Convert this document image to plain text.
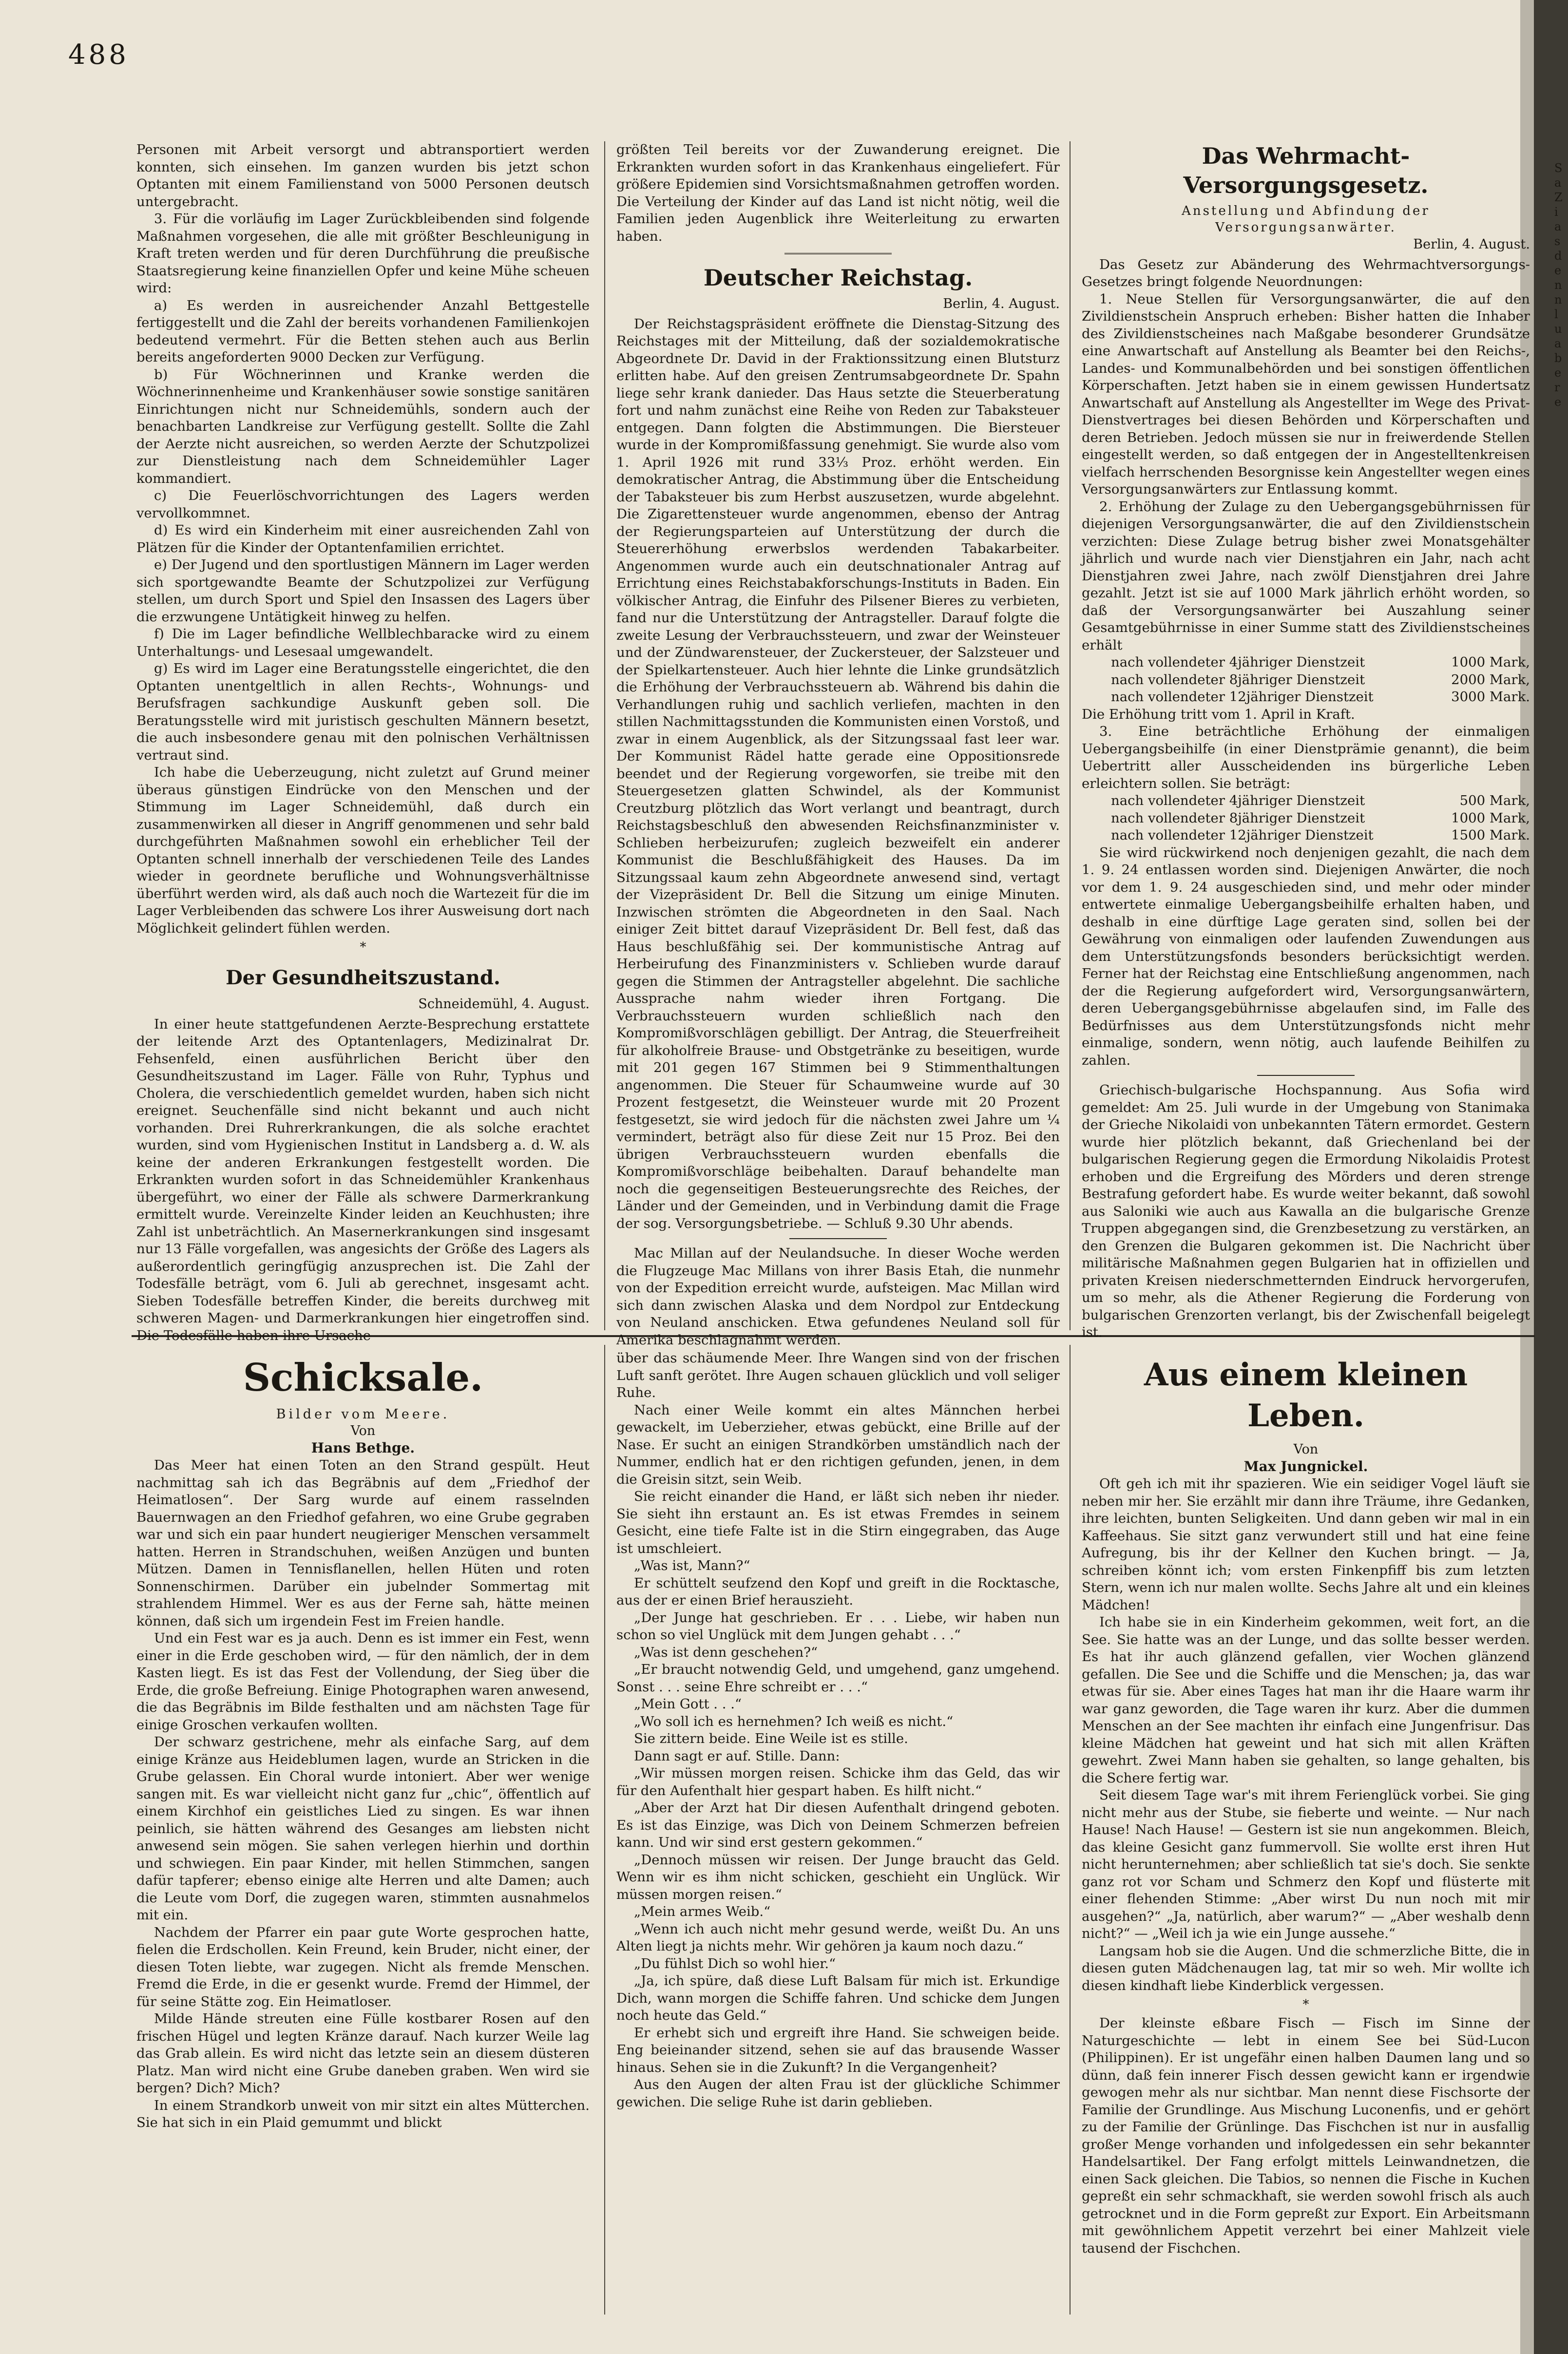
488

Personen mit Arbeit versorgt und abtransportiert werden konnten, sich einsehen. Im ganzen wurden bis jetzt schon Optanten mit einem Familienstand von 5000 Personen deutsch untergebracht.

3. Für die vorläufig im Lager Zurückbleibenden sind folgende Maßnahmen vorgesehen, die alle mit größter Beschleunigung in Kraft treten werden und für deren Durchführung die preußische Staatsregierung keine finanziellen Opfer und keine Mühe scheuen wird:

a) Es werden in ausreichender Anzahl Bettgestelle fertiggestellt und die Zahl der bereits vorhandenen Familienkojen bedeutend vermehrt. Für die Betten stehen auch aus Berlin bereits angeforderten 9000 Decken zur Verfügung.

b) Für Wöchnerinnen und Kranke werden die Wöchnerinnenheime und Krankenhäuser sowie sonstige sanitären Einrichtungen nicht nur Schneidemühls, sondern auch der benachbarten Landkreise zur Verfügung gestellt. Sollte die Zahl der Aerzte nicht ausreichen, so werden Aerzte der Schutzpolizei zur Dienstleistung nach dem Schneidemühler Lager kommandiert.

c) Die Feuerlöschvorrichtungen des Lagers werden vervollkommnet.

d) Es wird ein Kinderheim mit einer ausreichenden Zahl von Plätzen für die Kinder der Optantenfamilien errichtet.

e) Der Jugend und den sportlustigen Männern im Lager werden sich sportgewandte Beamte der Schutzpolizei zur Verfügung stellen, um durch Sport und Spiel den Insassen des Lagers über die erzwungene Untätigkeit hinweg zu helfen.

f) Die im Lager befindliche Wellblechbaracke wird zu einem Unterhaltungs- und Lesesaal umgewandelt.

g) Es wird im Lager eine Beratungsstelle eingerichtet, die den Optanten unentgeltlich in allen Rechts-, Wohnungs- und Berufsfragen sachkundige Auskunft geben soll. Die Beratungsstelle wird mit juristisch geschulten Männern besetzt, die auch insbesondere genau mit den polnischen Verhältnissen vertraut sind.

Ich habe die Ueberzeugung, nicht zuletzt auf Grund meiner überaus günstigen Eindrücke von den Menschen und der Stimmung im Lager Schneidemühl, daß durch ein zusammenwirken all dieser in Angriff genommenen und sehr bald durchgeführten Maßnahmen sowohl ein erheblicher Teil der Optanten schnell innerhalb der verschiedenen Teile des Landes wieder in geordnete berufliche und Wohnungsverhältnisse überführt werden wird, als daß auch noch die Wartezeit für die im Lager Verbleibenden das schwere Los ihrer Ausweisung dort nach Möglichkeit gelindert fühlen werden.

*
Der Gesundheitszustand.
Schneidemühl, 4. August.

In einer heute stattgefundenen Aerzte-Besprechung erstattete der leitende Arzt des Optantenlagers, Medizinalrat Dr. Fehsenfeld, einen ausführlichen Bericht über den Gesundheitszustand im Lager. Fälle von Ruhr, Typhus und Cholera, die verschiedentlich gemeldet wurden, haben sich nicht ereignet. Seuchenfälle sind nicht bekannt und auch nicht vorhanden. Drei Ruhrerkrankungen, die als solche erachtet wurden, sind vom Hygienischen Institut in Landsberg a. d. W. als keine der anderen Erkrankungen festgestellt worden. Die Erkrankten wurden sofort in das Schneidemühler Krankenhaus übergeführt, wo einer der Fälle als schwere Darmerkrankung ermittelt wurde. Vereinzelte Kinder leiden an Keuchhusten; ihre Zahl ist unbeträchtlich. An Masernerkrankungen sind insgesamt nur 13 Fälle vorgefallen, was angesichts der Größe des Lagers als außerordentlich geringfügig anzusprechen ist. Die Zahl der Todesfälle beträgt, vom 6. Juli ab gerechnet, insgesamt acht. Sieben Todesfälle betreffen Kinder, die bereits durchweg mit schweren Magen- und Darmerkrankungen hier eingetroffen sind. Die Todesfälle haben ihre Ursache

größten Teil bereits vor der Zuwanderung ereignet. Die Erkrankten wurden sofort in das Krankenhaus eingeliefert. Für größere Epidemien sind Vorsichtsmaßnahmen getroffen worden. Die Verteilung der Kinder auf das Land ist nicht nötig, weil die Familien jeden Augenblick ihre Weiterleitung zu erwarten haben.

Deutscher Reichstag.
Berlin, 4. August.

Der Reichstagspräsident eröffnete die Dienstag-Sitzung des Reichstages mit der Mitteilung, daß der sozialdemokratische Abgeordnete Dr. David in der Fraktionssitzung einen Blutsturz erlitten habe. Auf den greisen Zentrumsabgeordnete Dr. Spahn liege sehr krank danieder. Das Haus setzte die Steuerberatung fort und nahm zunächst eine Reihe von Reden zur Tabaksteuer entgegen. Dann folgten die Abstimmungen. Die Biersteuer wurde in der Kompromißfassung genehmigt. Sie wurde also vom 1. April 1926 mit rund 33⅓ Proz. erhöht werden. Ein demokratischer Antrag, die Abstimmung über die Entscheidung der Tabaksteuer bis zum Herbst auszusetzen, wurde abgelehnt. Die Zigarettensteuer wurde angenommen, ebenso der Antrag der Regierungsparteien auf Unterstützung der durch die Steuererhöhung erwerbslos werdenden Tabakarbeiter. Angenommen wurde auch ein deutschnationaler Antrag auf Errichtung eines Reichstabakforschungs-Instituts in Baden. Ein völkischer Antrag, die Einfuhr des Pilsener Bieres zu verbieten, fand nur die Unterstützung der Antragsteller. Darauf folgte die zweite Lesung der Verbrauchssteuern, und zwar der Weinsteuer und der Zündwarensteuer, der Zuckersteuer, der Salzsteuer und der Spielkartensteuer. Auch hier lehnte die Linke grundsätzlich die Erhöhung der Verbrauchssteuern ab. Während bis dahin die Verhandlungen ruhig und sachlich verliefen, machten in den stillen Nachmittagsstunden die Kommunisten einen Vorstoß, und zwar in einem Augenblick, als der Sitzungssaal fast leer war. Der Kommunist Rädel hatte gerade eine Oppositionsrede beendet und der Regierung vorgeworfen, sie treibe mit den Steuergesetzen glatten Schwindel, als der Kommunist Creutzburg plötzlich das Wort verlangt und beantragt, durch Reichstagsbeschluß den abwesenden Reichsfinanzminister v. Schlieben herbeizurufen; zugleich bezweifelt ein anderer Kommunist die Beschlußfähigkeit des Hauses. Da im Sitzungssaal kaum zehn Abgeordnete anwesend sind, vertagt der Vizepräsident Dr. Bell die Sitzung um einige Minuten. Inzwischen strömten die Abgeordneten in den Saal. Nach einiger Zeit bittet darauf Vizepräsident Dr. Bell fest, daß das Haus beschlußfähig sei. Der kommunistische Antrag auf Herbeirufung des Finanzministers v. Schlieben wurde darauf gegen die Stimmen der Antragsteller abgelehnt. Die sachliche Aussprache nahm wieder ihren Fortgang. Die Verbrauchssteuern wurden schließlich nach den Kompromißvorschlägen gebilligt. Der Antrag, die Steuerfreiheit für alkoholfreie Brause- und Obstgetränke zu beseitigen, wurde mit 201 gegen 167 Stimmen bei 9 Stimmenthaltungen angenommen. Die Steuer für Schaumweine wurde auf 30 Prozent festgesetzt, die Weinsteuer wurde mit 20 Prozent festgesetzt, sie wird jedoch für die nächsten zwei Jahre um ¼ vermindert, beträgt also für diese Zeit nur 15 Proz. Bei den übrigen Verbrauchssteuern wurden ebenfalls die Kompromißvorschläge beibehalten. Darauf behandelte man noch die gegenseitigen Besteuerungsrechte des Reiches, der Länder und der Gemeinden, und in Verbindung damit die Frage der sog. Versorgungsbetriebe. — Schluß 9.30 Uhr abends.

Mac Millan auf der Neulandsuche. In dieser Woche werden die Flugzeuge Mac Millans von ihrer Basis Etah, die nunmehr von der Expedition erreicht wurde, aufsteigen. Mac Millan wird sich dann zwischen Alaska und dem Nordpol zur Entdeckung von Neuland anschicken. Etwa gefundenes Neuland soll für Amerika beschlagnahmt werden.

Das Wehrmacht-Versorgungsgesetz.
Anstellung und Abfindung der
Versorgungsanwärter.
Berlin, 4. August.

Das Gesetz zur Abänderung des Wehrmachtversorgungs-Gesetzes bringt folgende Neuordnungen:

1. Neue Stellen für Versorgungsanwärter, die auf den Zivildienstschein Anspruch erheben: Bisher hatten die Inhaber des Zivildienstscheines nach Maßgabe besonderer Grundsätze eine Anwartschaft auf Anstellung als Beamter bei den Reichs-, Landes- und Kommunalbehörden und bei sonstigen öffentlichen Körperschaften. Jetzt haben sie in einem gewissen Hundertsatz Anwartschaft auf Anstellung als Angestellter im Wege des Privat-Dienstvertrages bei diesen Behörden und Körperschaften und deren Betrieben. Jedoch müssen sie nur in freiwerdende Stellen eingestellt werden, so daß entgegen der in Angestelltenkreisen vielfach herrschenden Besorgnisse kein Angestellter wegen eines Versorgungsanwärters zur Entlassung kommt.

2. Erhöhung der Zulage zu den Uebergangsgebührnissen für diejenigen Versorgungsanwärter, die auf den Zivildienstschein verzichten: Diese Zulage betrug bisher zwei Monatsgehälter jährlich und wurde nach vier Dienstjahren ein Jahr, nach acht Dienstjahren zwei Jahre, nach zwölf Dienstjahren drei Jahre gezahlt. Jetzt ist sie auf 1000 Mark jährlich erhöht worden, so daß der Versorgungsanwärter bei Auszahlung seiner Gesamtgebührnisse in einer Summe statt des Zivildienstscheines erhält

nach vollendeter 4jähriger Dienstzeit	1000 Mark,
nach vollendeter 8jähriger Dienstzeit	2000 Mark,
nach vollendeter 12jähriger Dienstzeit	3000 Mark.

Die Erhöhung tritt vom 1. April in Kraft.

3. Eine beträchtliche Erhöhung der einmaligen Uebergangsbeihilfe (in einer Dienstprämie genannt), die beim Uebertritt aller Ausscheidenden ins bürgerliche Leben erleichtern sollen. Sie beträgt:

nach vollendeter 4jähriger Dienstzeit	500 Mark,
nach vollendeter 8jähriger Dienstzeit	1000 Mark,
nach vollendeter 12jähriger Dienstzeit	1500 Mark.

Sie wird rückwirkend noch denjenigen gezahlt, die nach dem 1. 9. 24 entlassen worden sind. Diejenigen Anwärter, die noch vor dem 1. 9. 24 ausgeschieden sind, und mehr oder minder entwertete einmalige Uebergangsbeihilfe erhalten haben, und deshalb in eine dürftige Lage geraten sind, sollen bei der Gewährung von einmaligen oder laufenden Zuwendungen aus dem Unterstützungsfonds besonders berücksichtigt werden. Ferner hat der Reichstag eine Entschließung angenommen, nach der die Regierung aufgefordert wird, Versorgungsanwärtern, deren Uebergangsgebührnisse abgelaufen sind, im Falle des Bedürfnisses aus dem Unterstützungsfonds nicht mehr einmalige, sondern, wenn nötig, auch laufende Beihilfen zu zahlen.

Griechisch-bulgarische Hochspannung. Aus Sofia wird gemeldet: Am 25. Juli wurde in der Umgebung von Stanimaka der Grieche Nikolaidi von unbekannten Tätern ermordet. Gestern wurde hier plötzlich bekannt, daß Griechenland bei der bulgarischen Regierung gegen die Ermordung Nikolaidis Protest erhoben und die Ergreifung des Mörders und deren strenge Bestrafung gefordert habe. Es wurde weiter bekannt, daß sowohl aus Saloniki wie auch aus Kawalla an die bulgarische Grenze Truppen abgegangen sind, die Grenzbesetzung zu verstärken, an den Grenzen die Bulgaren gekommen ist. Die Nachricht über militärische Maßnahmen gegen Bulgarien hat in offiziellen und privaten Kreisen niederschmetternden Eindruck hervorgerufen, um so mehr, als die Athener Regierung die Forderung von bulgarischen Grenzorten verlangt, bis der Zwischenfall beigelegt ist.

Schicksale.
Bilder vom Meere.
Von
Hans Bethge.

Das Meer hat einen Toten an den Strand gespült. Heut nachmittag sah ich das Begräbnis auf dem „Friedhof der Heimatlosen“. Der Sarg wurde auf einem rasselnden Bauernwagen an den Friedhof gefahren, wo eine Grube gegraben war und sich ein paar hundert neugieriger Menschen versammelt hatten. Herren in Strandschuhen, weißen Anzügen und bunten Mützen. Damen in Tennisflanellen, hellen Hüten und roten Sonnenschirmen. Darüber ein jubelnder Sommertag mit strahlendem Himmel. Wer es aus der Ferne sah, hätte meinen können, daß sich um irgendein Fest im Freien handle.

Und ein Fest war es ja auch. Denn es ist immer ein Fest, wenn einer in die Erde geschoben wird, — für den nämlich, der in dem Kasten liegt. Es ist das Fest der Vollendung, der Sieg über die Erde, die große Befreiung. Einige Photographen waren anwesend, die das Begräbnis im Bilde festhalten und am nächsten Tage für einige Groschen verkaufen wollten.

Der schwarz gestrichene, mehr als einfache Sarg, auf dem einige Kränze aus Heideblumen lagen, wurde an Stricken in die Grube gelassen. Ein Choral wurde intoniert. Aber wer wenige sangen mit. Es war vielleicht nicht ganz fur „chic“, öffentlich auf einem Kirchhof ein geistliches Lied zu singen. Es war ihnen peinlich, sie hätten während des Gesanges am liebsten nicht anwesend sein mögen. Sie sahen verlegen hierhin und dorthin und schwiegen. Ein paar Kinder, mit hellen Stimmchen, sangen dafür tapferer; ebenso einige alte Herren und alte Damen; auch die Leute vom Dorf, die zugegen waren, stimmten ausnahmelos mit ein.

Nachdem der Pfarrer ein paar gute Worte gesprochen hatte, fielen die Erdschollen. Kein Freund, kein Bruder, nicht einer, der diesen Toten liebte, war zugegen. Nicht als fremde Menschen. Fremd die Erde, in die er gesenkt wurde. Fremd der Himmel, der für seine Stätte zog. Ein Heimatloser.

Milde Hände streuten eine Fülle kostbarer Rosen auf den frischen Hügel und legten Kränze darauf. Nach kurzer Weile lag das Grab allein. Es wird nicht das letzte sein an diesem düsteren Platz. Man wird nicht eine Grube daneben graben. Wen wird sie bergen? Dich? Mich?

In einem Strandkorb unweit von mir sitzt ein altes Mütterchen. Sie hat sich in ein Plaid gemummt und blickt

über das schäumende Meer. Ihre Wangen sind von der frischen Luft sanft gerötet. Ihre Augen schauen glücklich und voll seliger Ruhe.

Nach einer Weile kommt ein altes Männchen herbei gewackelt, im Ueberzieher, etwas gebückt, eine Brille auf der Nase. Er sucht an einigen Strandkörben umständlich nach der Nummer, endlich hat er den richtigen gefunden, jenen, in dem die Greisin sitzt, sein Weib.

Sie reicht einander die Hand, er läßt sich neben ihr nieder. Sie sieht ihn erstaunt an. Es ist etwas Fremdes in seinem Gesicht, eine tiefe Falte ist in die Stirn eingegraben, das Auge ist umschleiert.

„Was ist, Mann?“

Er schüttelt seufzend den Kopf und greift in die Rocktasche, aus der er einen Brief herauszieht.

„Der Junge hat geschrieben. Er . . . Liebe, wir haben nun schon so viel Unglück mit dem Jungen gehabt . . .“

„Was ist denn geschehen?“

„Er braucht notwendig Geld, und umgehend, ganz umgehend. Sonst . . . seine Ehre schreibt er . . .“

„Mein Gott . . .“

„Wo soll ich es hernehmen? Ich weiß es nicht.“

Sie zittern beide. Eine Weile ist es stille.

Dann sagt er auf. Stille. Dann:

„Wir müssen morgen reisen. Schicke ihm das Geld, das wir für den Aufenthalt hier gespart haben. Es hilft nicht.“

„Aber der Arzt hat Dir diesen Aufenthalt dringend geboten. Es ist das Einzige, was Dich von Deinem Schmerzen befreien kann. Und wir sind erst gestern gekommen.“

„Dennoch müssen wir reisen. Der Junge braucht das Geld. Wenn wir es ihm nicht schicken, geschieht ein Unglück. Wir müssen morgen reisen.“

„Mein armes Weib.“

„Wenn ich auch nicht mehr gesund werde, weißt Du. An uns Alten liegt ja nichts mehr. Wir gehören ja kaum noch dazu.“

„Du fühlst Dich so wohl hier.“

„Ja, ich spüre, daß diese Luft Balsam für mich ist. Erkundige Dich, wann morgen die Schiffe fahren. Und schicke dem Jungen noch heute das Geld.“

Er erhebt sich und ergreift ihre Hand. Sie schweigen beide. Eng beieinander sitzend, sehen sie auf das brausende Wasser hinaus. Sehen sie in die Zukunft? In die Vergangenheit?

Aus den Augen der alten Frau ist der glückliche Schimmer gewichen. Die selige Ruhe ist darin geblieben.

Aus einem kleinen Leben.
Von
Max Jungnickel.

Oft geh ich mit ihr spazieren. Wie ein seidiger Vogel läuft sie neben mir her. Sie erzählt mir dann ihre Träume, ihre Gedanken, ihre leichten, bunten Seligkeiten. Und dann geben wir mal in ein Kaffeehaus. Sie sitzt ganz verwundert still und hat eine feine Aufregung, bis ihr der Kellner den Kuchen bringt. — Ja, schreiben könnt ich; vom ersten Finkenpfiff bis zum letzten Stern, wenn ich nur malen wollte. Sechs Jahre alt und ein kleines Mädchen!

Ich habe sie in ein Kinderheim gekommen, weit fort, an die See. Sie hatte was an der Lunge, und das sollte besser werden. Es hat ihr auch glänzend gefallen, vier Wochen glänzend gefallen. Die See und die Schiffe und die Menschen; ja, das war etwas für sie. Aber eines Tages hat man ihr die Haare warm ihr war ganz geworden, die Tage waren ihr kurz. Aber die dummen Menschen an der See machten ihr einfach eine Jungenfrisur. Das kleine Mädchen hat geweint und hat sich mit allen Kräften gewehrt. Zwei Mann haben sie gehalten, so lange gehalten, bis die Schere fertig war.

Seit diesem Tage war's mit ihrem Ferienglück vorbei. Sie ging nicht mehr aus der Stube, sie fieberte und weinte. — Nur nach Hause! Nach Hause! — Gestern ist sie nun angekommen. Bleich, das kleine Gesicht ganz fummervoll. Sie wollte erst ihren Hut nicht herunternehmen; aber schließlich tat sie's doch. Sie senkte ganz rot vor Scham und Schmerz den Kopf und flüsterte mit einer flehenden Stimme: „Aber wirst Du nun noch mit mir ausgehen?“ „Ja, natürlich, aber warum?“ — „Aber weshalb denn nicht?“ — „Weil ich ja wie ein Junge aussehe.“

Langsam hob sie die Augen. Und die schmerzliche Bitte, die in diesen guten Mädchenaugen lag, tat mir so weh. Mir wollte ich diesen kindhaft liebe Kinderblick vergessen.

*

Der kleinste eßbare Fisch — Fisch im Sinne der Naturgeschichte — lebt in einem See bei Süd-Lucon (Philippinen). Er ist ungefähr einen halben Daumen lang und so dünn, daß fein innerer Fisch dessen gewicht kann er irgendwie gewogen mehr als nur sichtbar. Man nennt diese Fischsorte der Familie der Grundlinge. Aus Mischung Luconenfis, und er gehört zu der Familie der Grünlinge. Das Fischchen ist nur in ausfallig großer Menge vorhanden und infolgedessen ein sehr bekannter Handelsartikel. Der Fang erfolgt mittels Leinwandnetzen, die einen Sack gleichen. Die Tabios, so nennen die Fische in Kuchen gepreßt ein sehr schmackhaft, sie werden sowohl frisch als auch getrocknet und in die Form gepreßt zur Export. Ein Arbeitsmann mit gewöhnlichem Appetit verzehrt bei einer Mahlzeit viele tausend der Fischchen.

S
a
Z
i
a
s
d
e
n
n
l
u
a
b
e
r
e
